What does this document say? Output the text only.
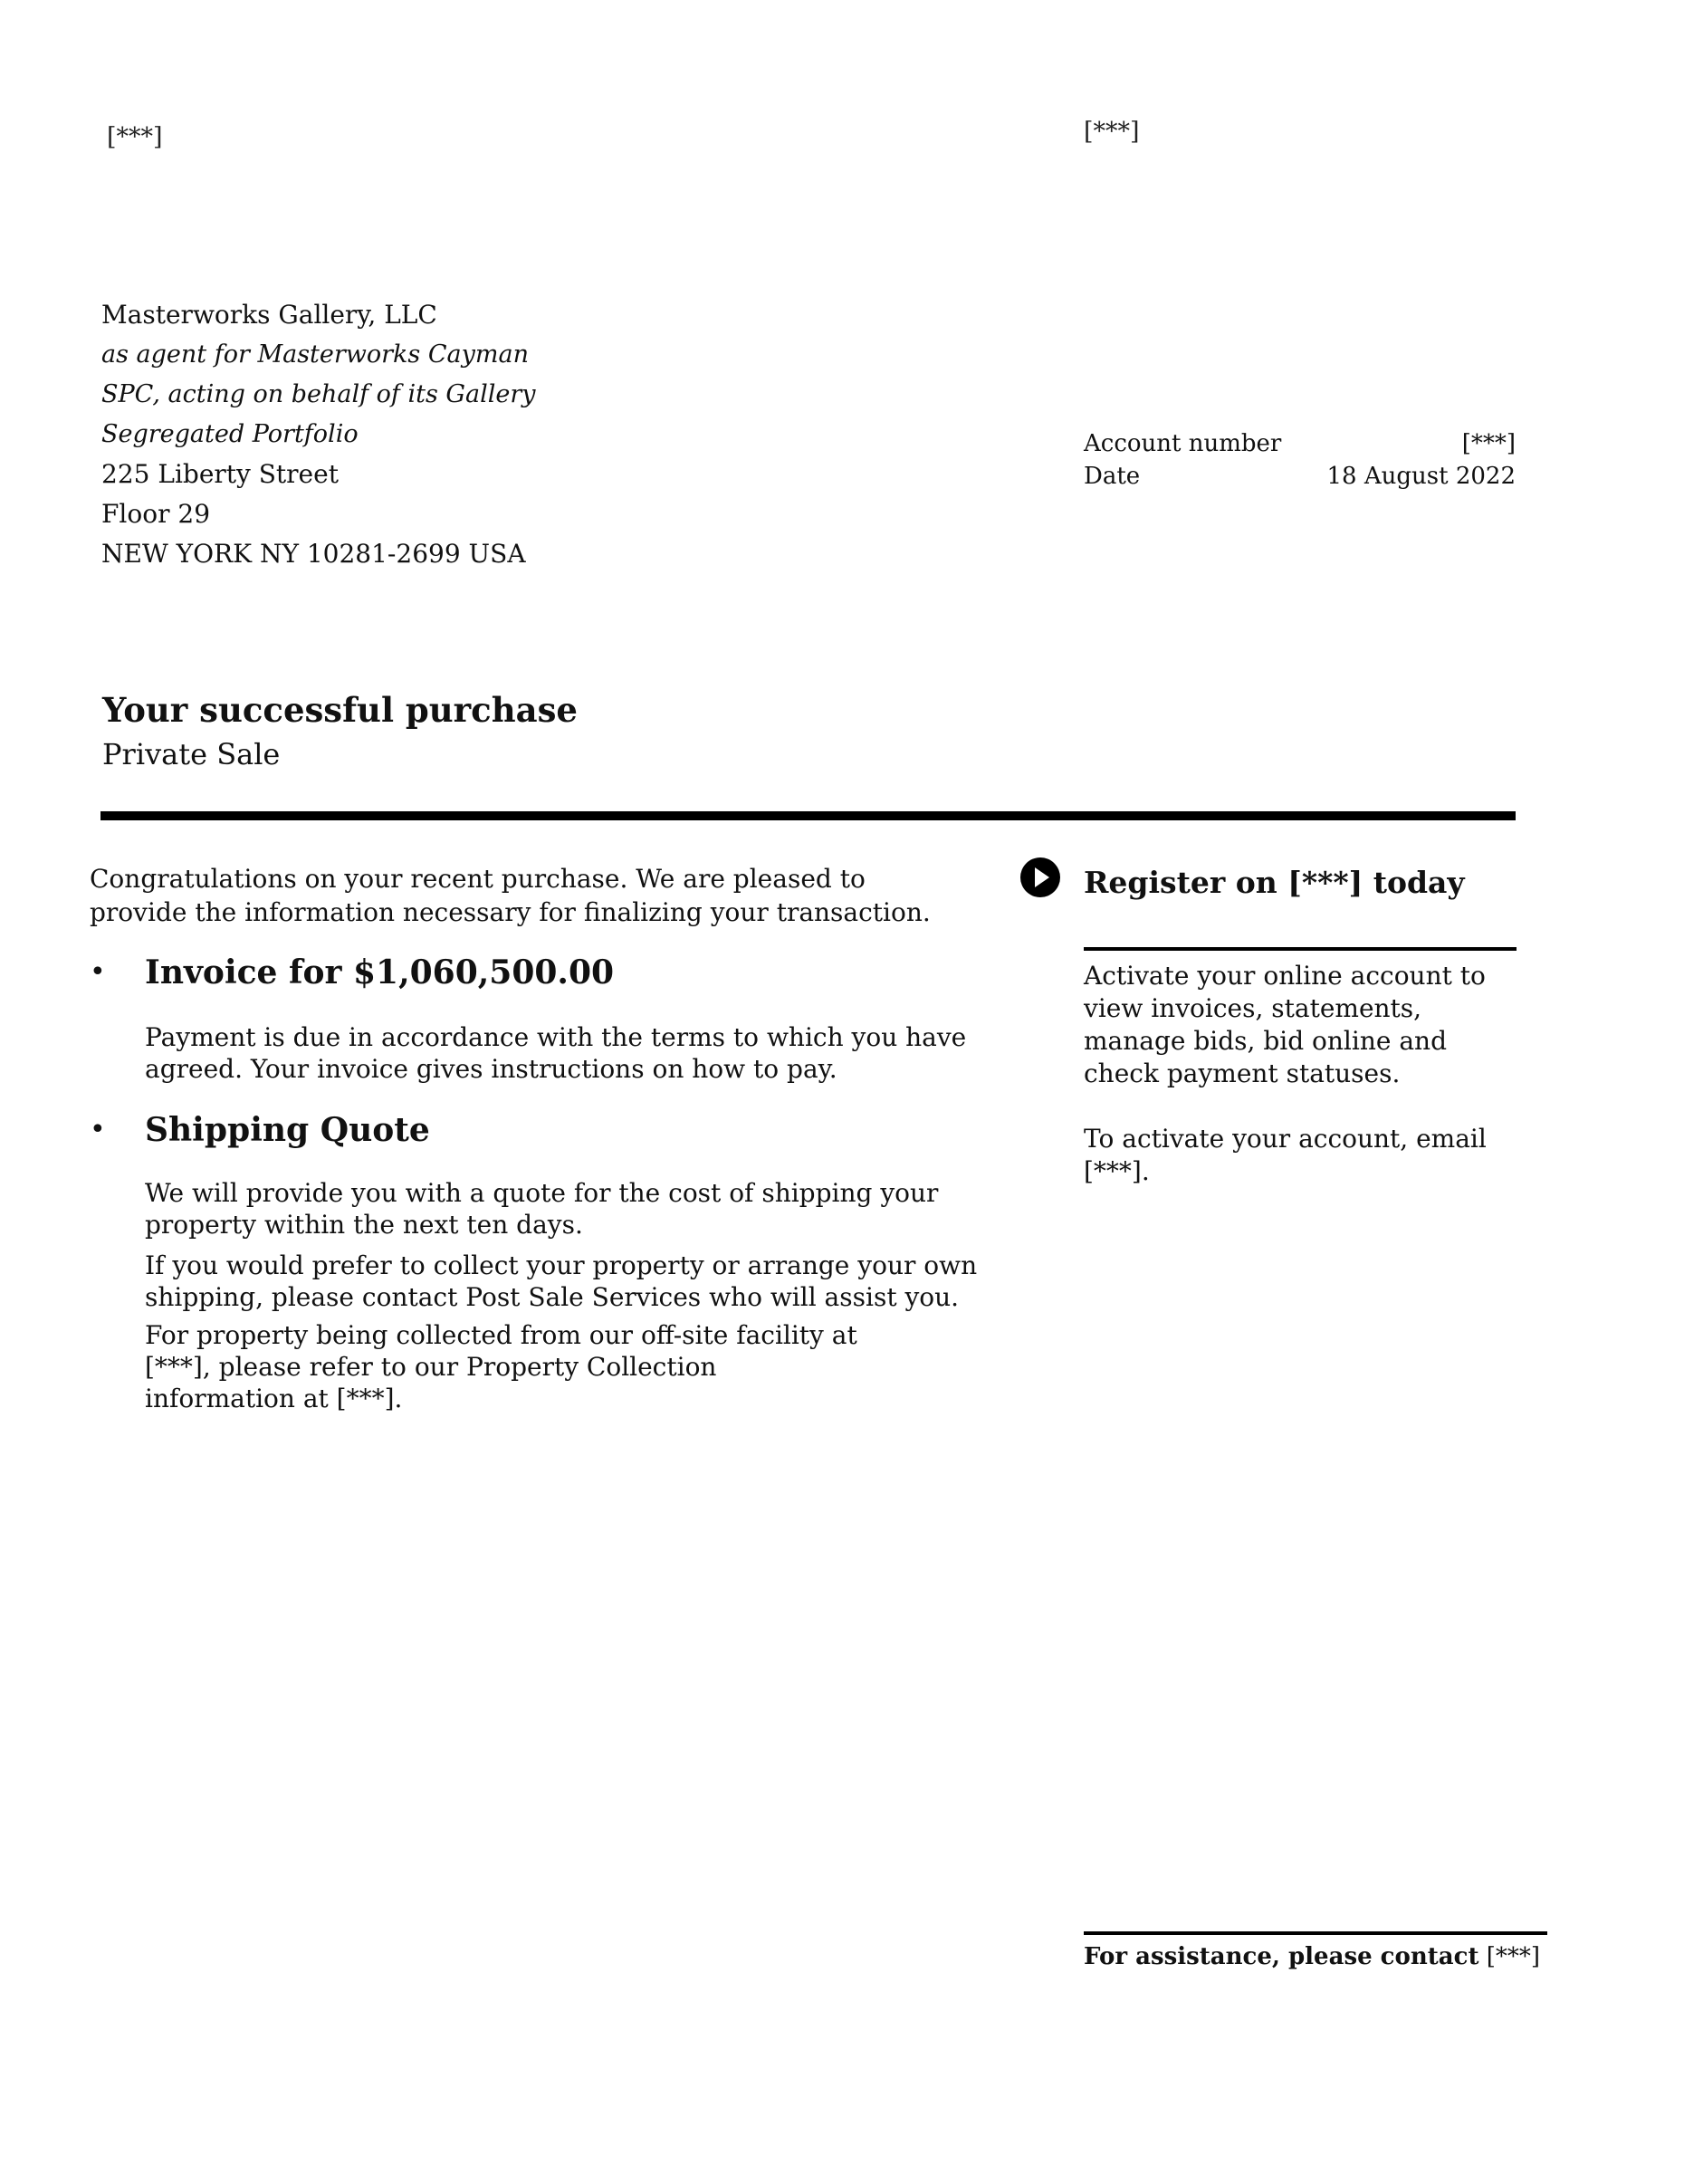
[***]	[***]
Masterworks Gallery, LLC
as agent for Masterworks Cayman
SPC, acting on behalf of its Gallery
Segregated Portfolio
225 Liberty Street
Floor 29
NEW YORK NY 10281-2699 USA
Account number	[***]
Date	18 August 2022
Your successful purchase
Private Sale
Congratulations on your recent purchase. We are pleased to provide the information necessary for finalizing your transaction.
• Invoice for $1,060,500.00
Payment is due in accordance with the terms to which you have agreed. Your invoice gives instructions on how to pay.
• Shipping Quote
We will provide you with a quote for the cost of shipping your property within the next ten days.
If you would prefer to collect your property or arrange your own shipping, please contact Post Sale Services who will assist you.
For property being collected from our off-site facility at [***], please refer to our Property Collection information at [***].
Register on [***] today

Activate your online account to view invoices, statements, manage bids, bid online and check payment statuses.

To activate your account, email [***].

For assistance, please contact [***]
